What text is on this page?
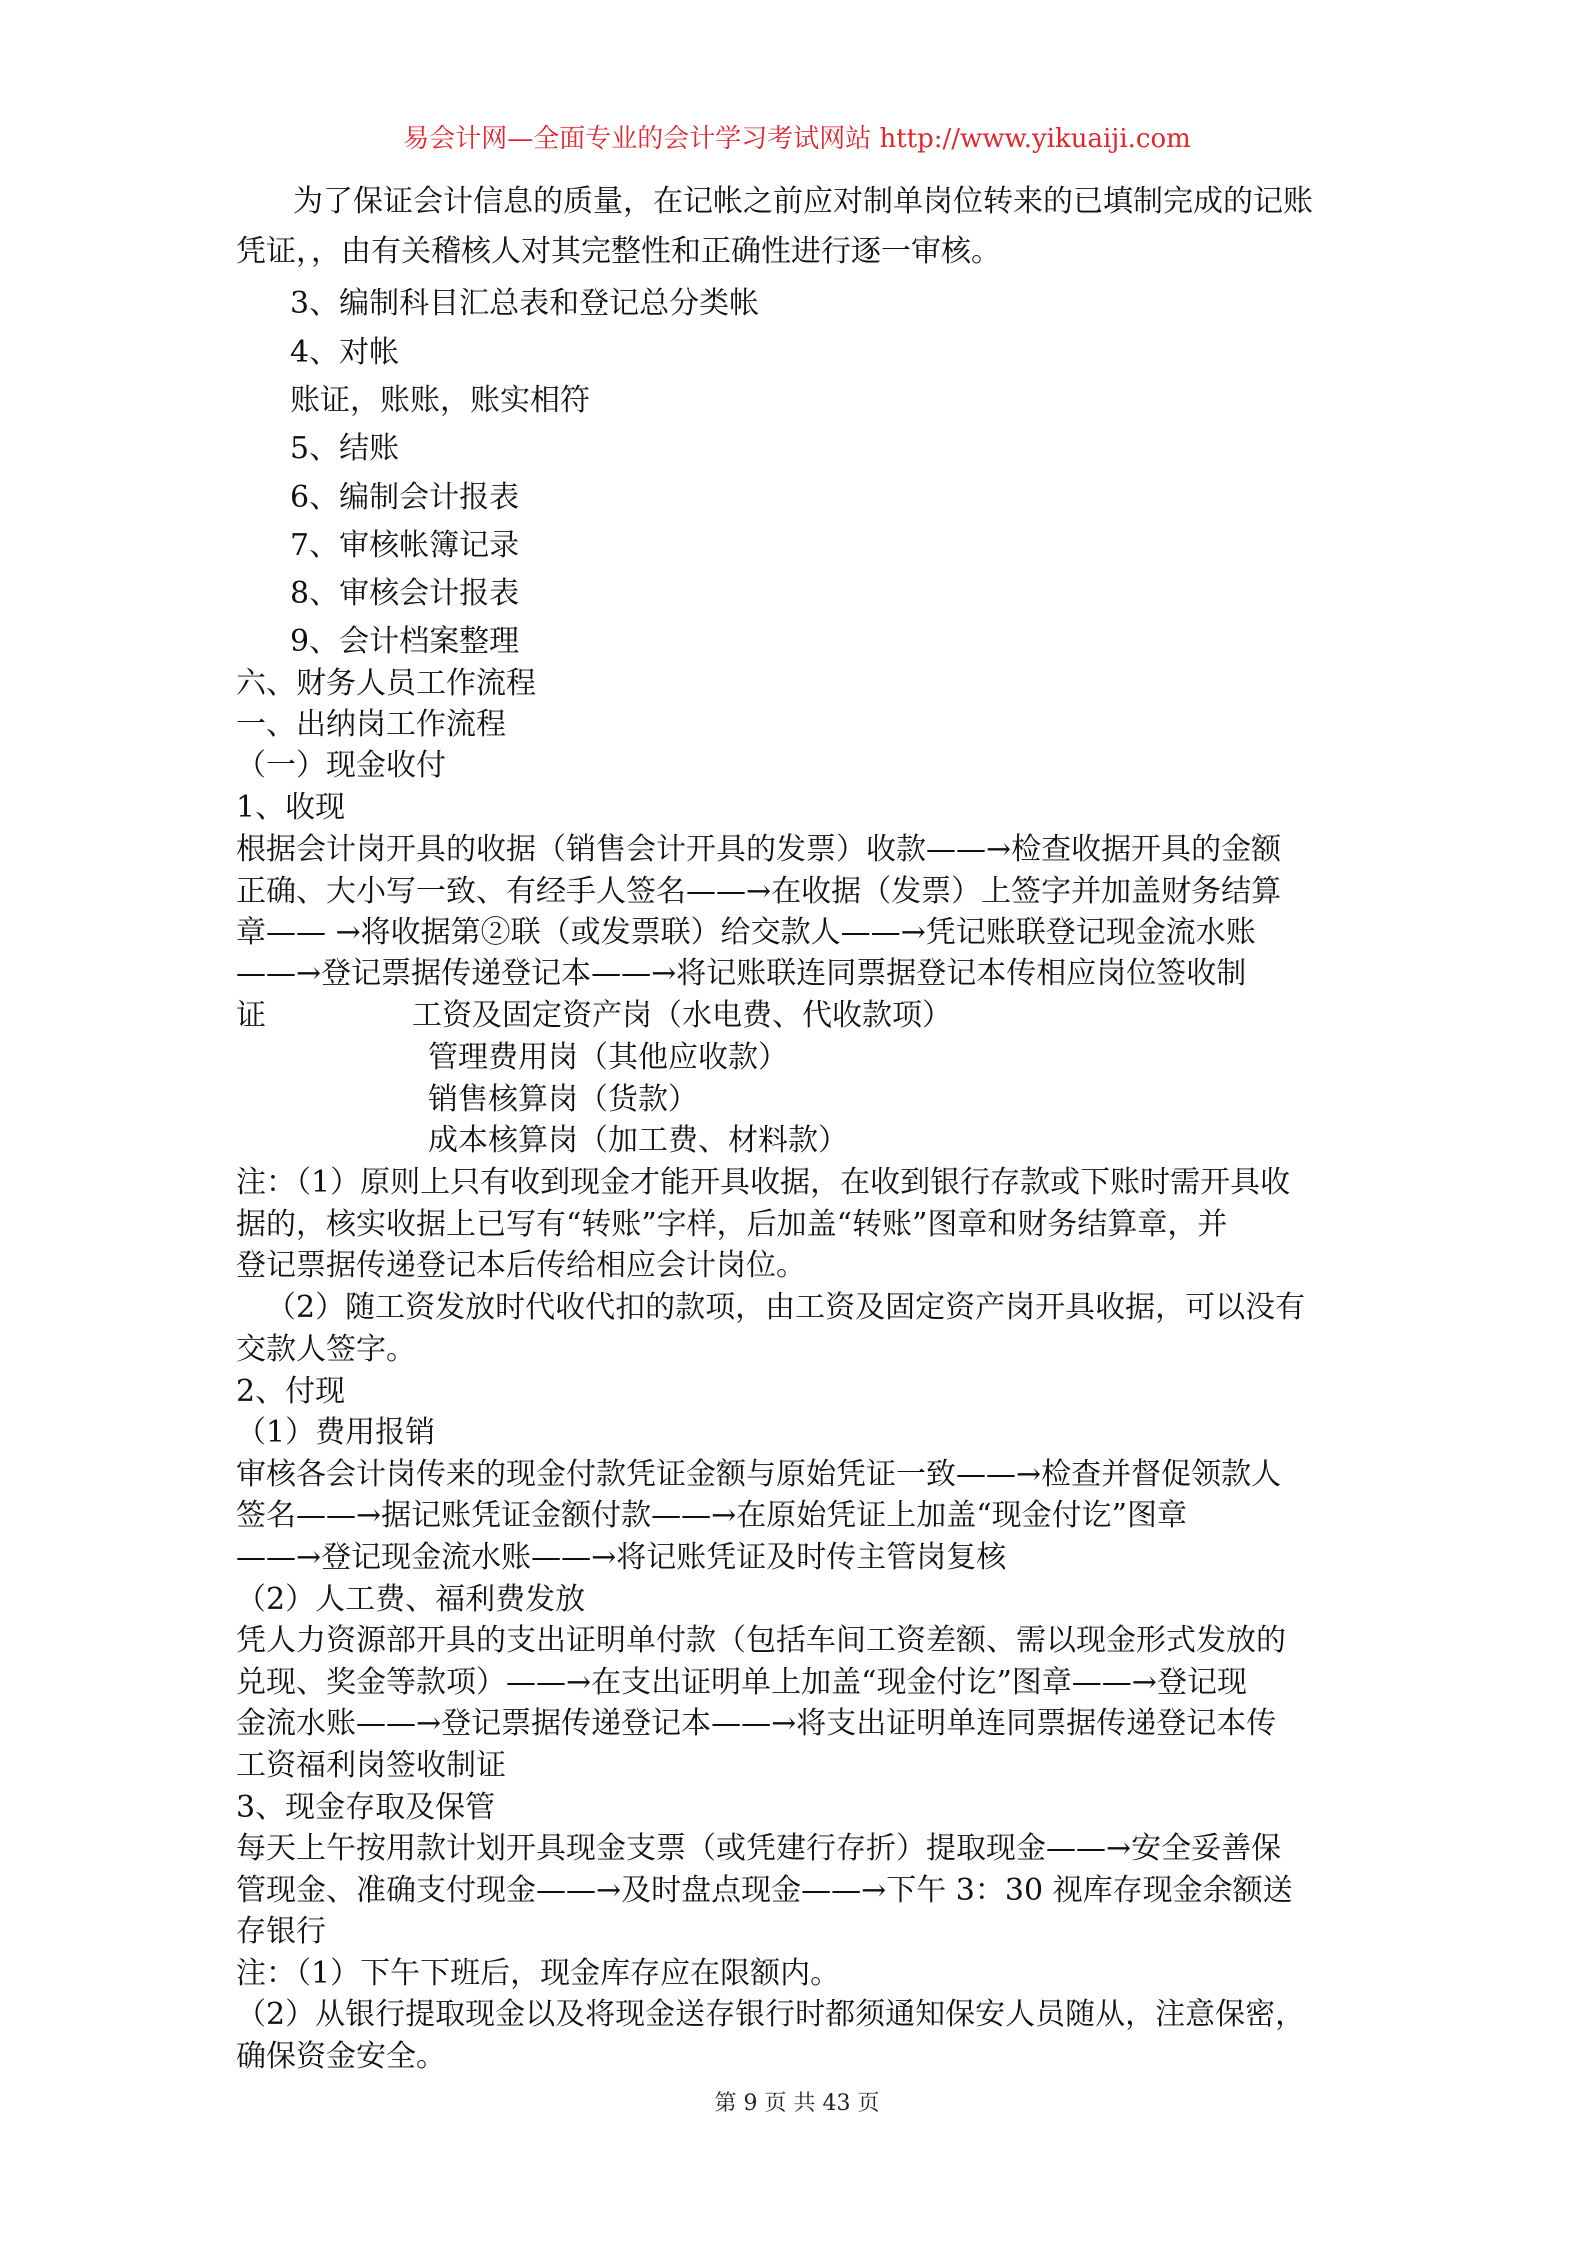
易会计网—全面专业的会计学习考试网站 http://www.yikuaiji.com
为了保证会计信息的质量，在记帐之前应对制单岗位转来的已填制完成的记账
凭证，，由有关稽核人对其完整性和正确性进行逐一审核。
3、编制科目汇总表和登记总分类帐
4、对帐
账证，账账，账实相符
5、结账
6、编制会计报表
7、审核帐簿记录
8、审核会计报表
9、会计档案整理
六、财务人员工作流程
一、出纳岗工作流程
（一）现金收付
1、收现
根据会计岗开具的收据（销售会计开具的发票）收款——→检查收据开具的金额
正确、大小写一致、有经手人签名——→在收据（发票）上签字并加盖财务结算
章—— →将收据第②联（或发票联）给交款人——→凭记账联登记现金流水账
——→登记票据传递登记本——→将记账联连同票据登记本传相应岗位签收制
证	工资及固定资产岗（水电费、代收款项）
管理费用岗（其他应收款）
销售核算岗（货款）
成本核算岗（加工费、材料款）
注：（1）原则上只有收到现金才能开具收据，在收到银行存款或下账时需开具收
据的，核实收据上已写有“转账”字样，后加盖“转账”图章和财务结算章，并
登记票据传递登记本后传给相应会计岗位。
（2）随工资发放时代收代扣的款项，由工资及固定资产岗开具收据，可以没有
交款人签字。
2、付现
（1）费用报销
审核各会计岗传来的现金付款凭证金额与原始凭证一致——→检查并督促领款人
签名——→据记账凭证金额付款——→在原始凭证上加盖“现金付讫”图章
——→登记现金流水账——→将记账凭证及时传主管岗复核
（2）人工费、福利费发放
凭人力资源部开具的支出证明单付款（包括车间工资差额、需以现金形式发放的
兑现、奖金等款项）——→在支出证明单上加盖“现金付讫”图章——→登记现
金流水账——→登记票据传递登记本——→将支出证明单连同票据传递登记本传
工资福利岗签收制证
3、现金存取及保管
每天上午按用款计划开具现金支票（或凭建行存折）提取现金——→安全妥善保
管现金、准确支付现金——→及时盘点现金——→下午 3：30 视库存现金余额送
存银行
注：（1）下午下班后，现金库存应在限额内。
（2）从银行提取现金以及将现金送存银行时都须通知保安人员随从，注意保密，
确保资金安全。
第 9 页 共 43 页
